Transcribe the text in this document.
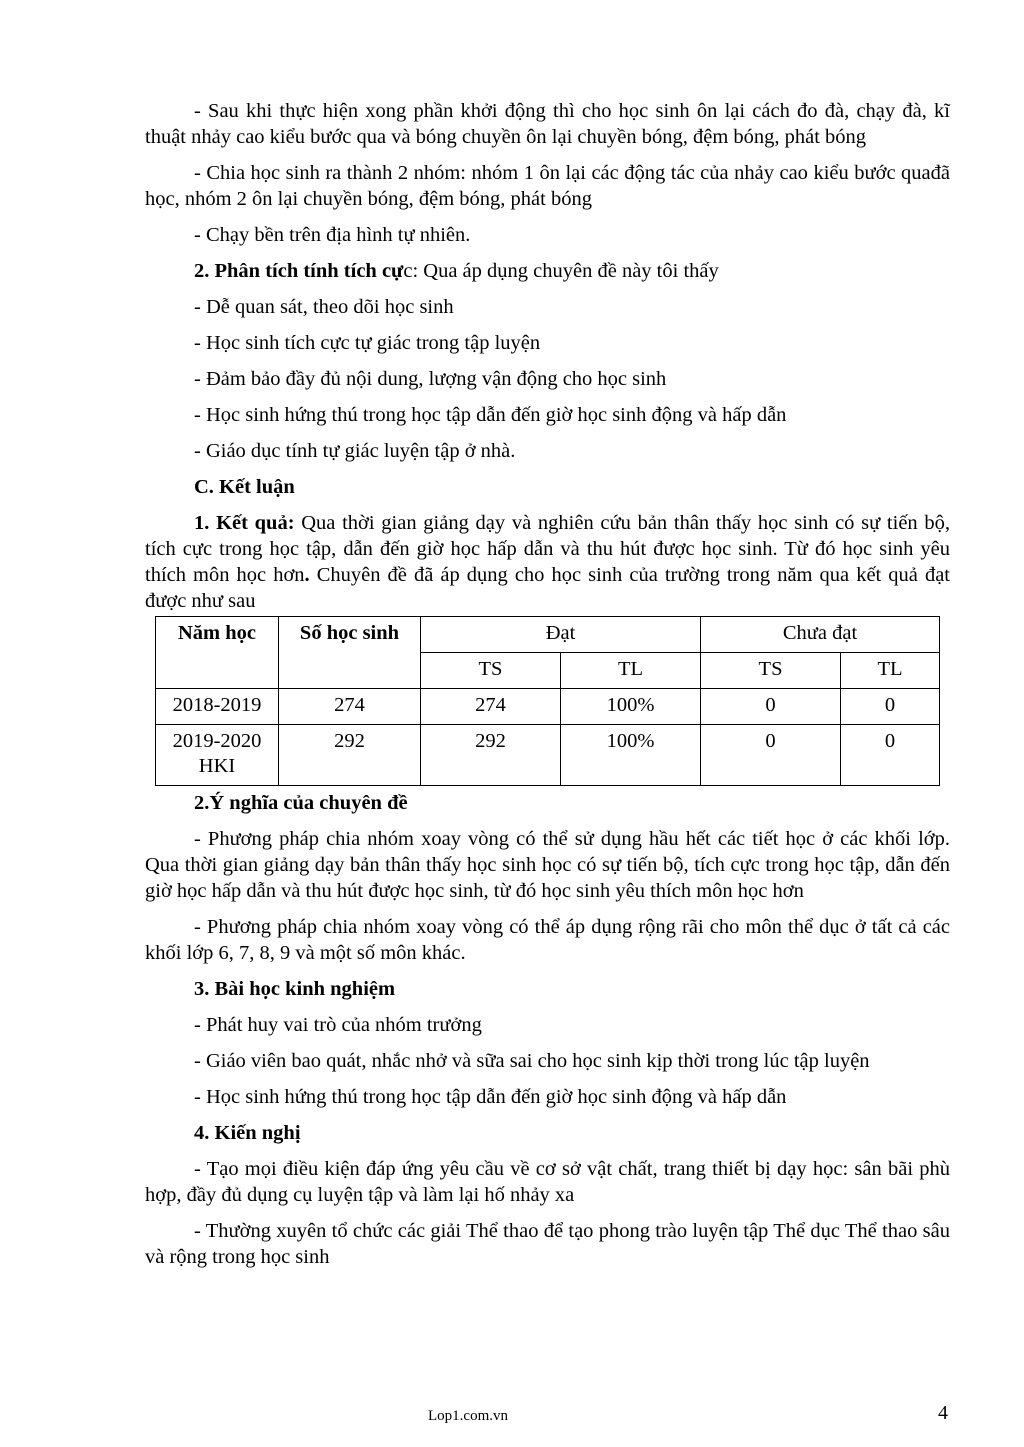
- Sau khi thực hiện xong phần khởi động thì cho học sinh ôn lại cách đo đà, chạy đà, kĩ thuật nhảy cao kiểu bước qua và bóng chuyền ôn lại chuyền bóng, đệm bóng, phát bóng

- Chia học sinh ra thành 2 nhóm: nhóm 1 ôn lại các động tác của nhảy cao kiểu bước quađã học, nhóm 2 ôn lại chuyền bóng, đệm bóng, phát bóng

- Chạy bền trên địa hình tự nhiên.

2. Phân tích tính tích cực: Qua áp dụng chuyên đề này tôi thấy

- Dễ quan sát, theo dõi học sinh

- Học sinh tích cực tự giác trong tập luyện

- Đảm bảo đầy đủ nội dung, lượng vận động cho học sinh

- Học sinh hứng thú trong học tập dẫn đến giờ học sinh động và hấp dẫn

- Giáo dục tính tự giác luyện tập ở nhà.

C. Kết luận

1. Kết quả: Qua thời gian giảng dạy và nghiên cứu bản thân thấy học sinh có sự tiến bộ, tích cực trong học tập, dẫn đến giờ học hấp dẫn và thu hút được học sinh. Từ đó học sinh yêu thích môn học hơn. Chuyên đề đã áp dụng cho học sinh của trường trong năm qua kết quả đạt được như sau

Năm học	Số học sinh	Đạt		Chưa đạt	
		TS	TL	TS	TL
2018-2019	274	274	100%	0	0
2019-2020 HKI	292	292	100%	0	0

2.Ý nghĩa của chuyên đề

- Phương pháp chia nhóm xoay vòng có thể sử dụng hầu hết các tiết học ở các khối lớp. Qua thời gian giảng dạy bản thân thấy học sinh học có sự tiến bộ, tích cực trong học tập, dẫn đến giờ học hấp dẫn và thu hút được học sinh, từ đó học sinh yêu thích môn học hơn

- Phương pháp chia nhóm xoay vòng có thể áp dụng rộng rãi cho môn thể dục ở tất cả các khối lớp 6, 7, 8, 9 và một số môn khác.

3. Bài học kinh nghiệm

- Phát huy vai trò của nhóm trưởng

- Giáo viên bao quát, nhắc nhở và sữa sai cho học sinh kịp thời trong lúc tập luyện

- Học sinh hứng thú trong học tập dẫn đến giờ học sinh động và hấp dẫn

4. Kiến nghị

- Tạo mọi điều kiện đáp ứng yêu cầu về cơ sở vật chất, trang thiết bị dạy học: sân bãi phù hợp, đầy đủ dụng cụ luyện tập và làm lại hố nhảy xa

- Thường xuyên tổ chức các giải Thể thao để tạo phong trào luyện tập Thể dục Thể thao sâu và rộng trong học sinh

Lop1.com.vn	4
